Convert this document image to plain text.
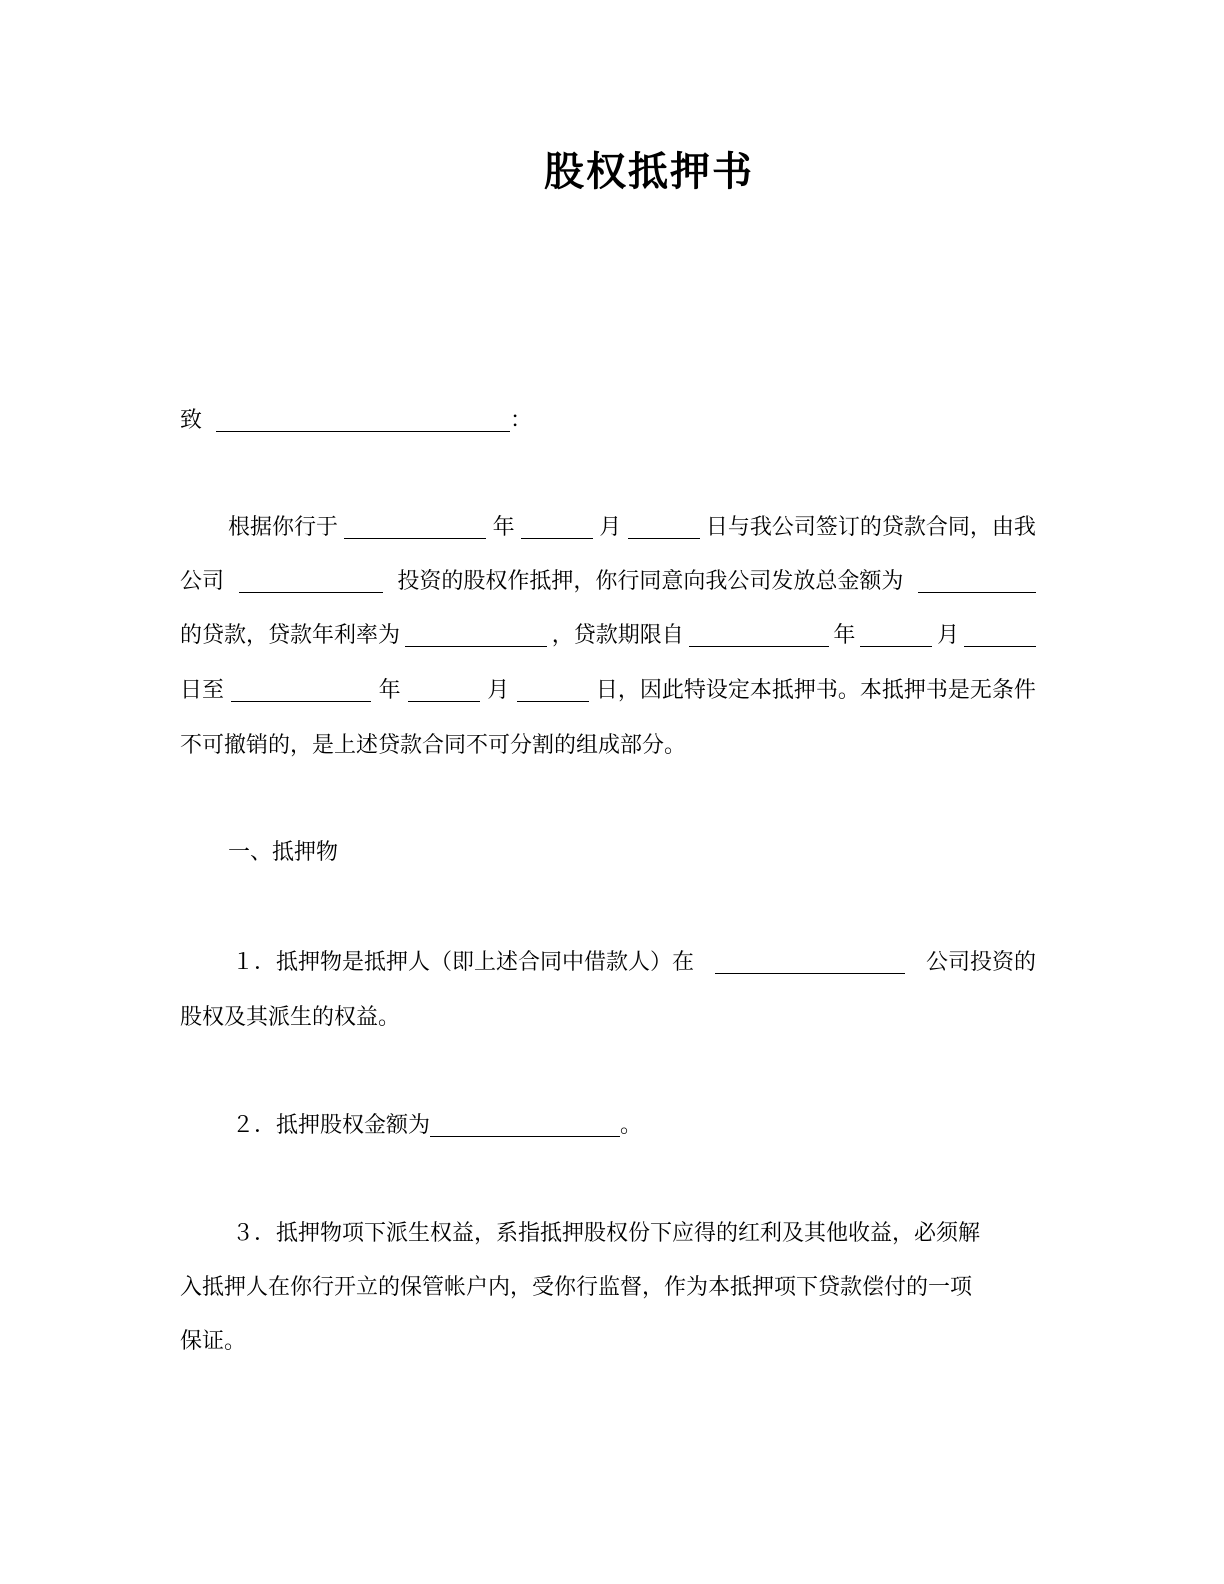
股权抵押书
致	：
根据你行于	年	月	日与我公司签订的贷款合同，由我
公司	投资的股权作抵押，你行同意向我公司发放总金额为
的贷款，贷款年利率为	，贷款期限自	年	月
日至	年	月	日，因此特设定本抵押书。本抵押书是无条件
不可撤销的，是上述贷款合同不可分割的组成部分。
一、抵押物
１．抵押物是抵押人（即上述合同中借款人）在	公司投资的
股权及其派生的权益。
２．抵押股权金额为	。
３．抵押物项下派生权益，系指抵押股权份下应得的红利及其他收益，必须解
入抵押人在你行开立的保管帐户内，受你行监督，作为本抵押项下贷款偿付的一项
保证。
